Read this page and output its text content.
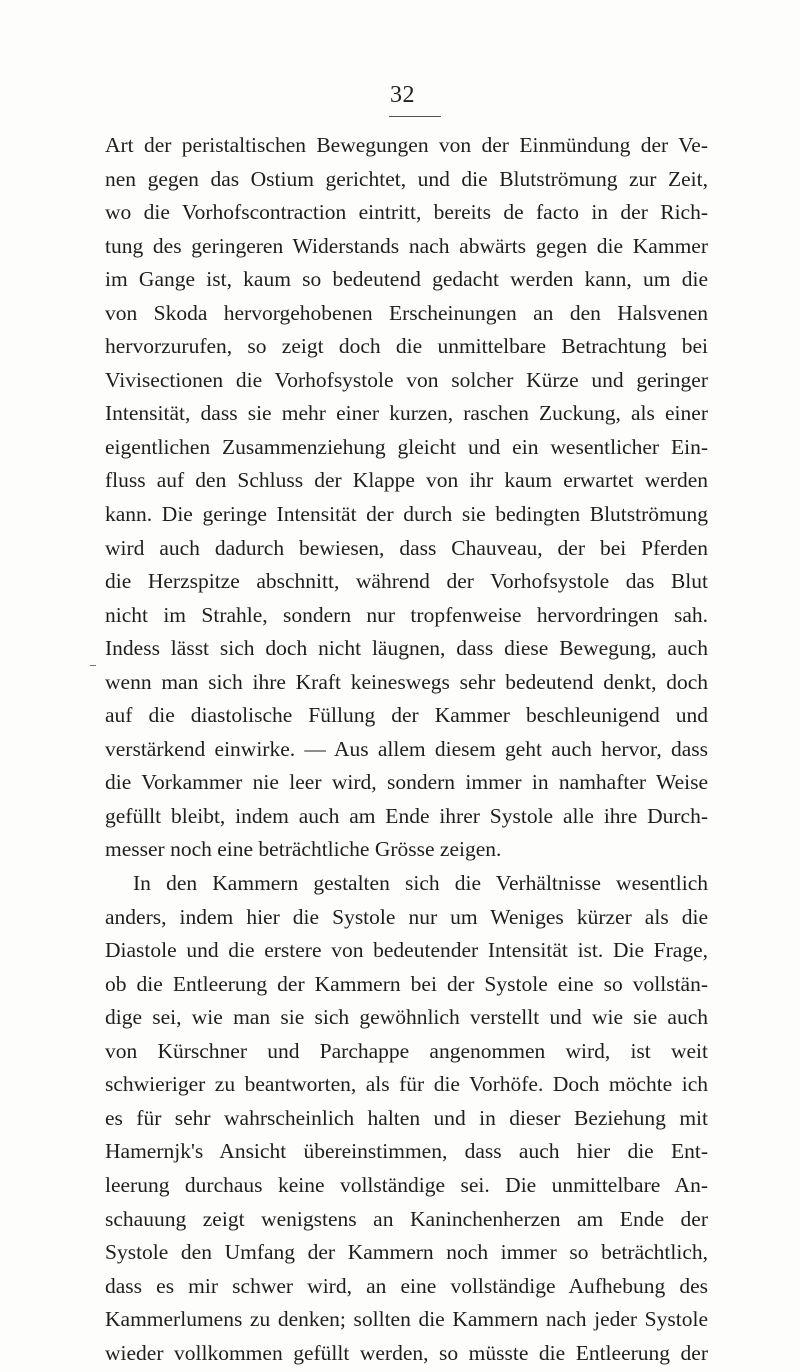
32
Art der peristaltischen Bewegungen von der Einmündung der Ve-
nen gegen das Ostium gerichtet, und die Blutströmung zur Zeit,
wo die Vorhofscontraction eintritt, bereits de facto in der Rich-
tung des geringeren Widerstands nach abwärts gegen die Kammer
im Gange ist, kaum so bedeutend gedacht werden kann, um die
von Skoda hervorgehobenen Erscheinungen an den Halsvenen
hervorzurufen, so zeigt doch die unmittelbare Betrachtung bei
Vivisectionen die Vorhofsystole von solcher Kürze und geringer
Intensität, dass sie mehr einer kurzen, raschen Zuckung, als einer
eigentlichen Zusammenziehung gleicht und ein wesentlicher Ein-
fluss auf den Schluss der Klappe von ihr kaum erwartet werden
kann. Die geringe Intensität der durch sie bedingten Blutströmung
wird auch dadurch bewiesen, dass Chauveau, der bei Pferden
die Herzspitze abschnitt, während der Vorhofsystole das Blut
nicht im Strahle, sondern nur tropfenweise hervordringen sah.
Indess lässt sich doch nicht läugnen, dass diese Bewegung, auch
wenn man sich ihre Kraft keineswegs sehr bedeutend denkt, doch
auf die diastolische Füllung der Kammer beschleunigend und
verstärkend einwirke. — Aus allem diesem geht auch hervor, dass
die Vorkammer nie leer wird, sondern immer in namhafter Weise
gefüllt bleibt, indem auch am Ende ihrer Systole alle ihre Durch-
messer noch eine beträchtliche Grösse zeigen.
In den Kammern gestalten sich die Verhältnisse wesentlich
anders, indem hier die Systole nur um Weniges kürzer als die
Diastole und die erstere von bedeutender Intensität ist. Die Frage,
ob die Entleerung der Kammern bei der Systole eine so vollstän-
dige sei, wie man sie sich gewöhnlich verstellt und wie sie auch
von Kürschner und Parchappe angenommen wird, ist weit
schwieriger zu beantworten, als für die Vorhöfe. Doch möchte ich
es für sehr wahrscheinlich halten und in dieser Beziehung mit
Hamernjk's Ansicht übereinstimmen, dass auch hier die Ent-
leerung durchaus keine vollständige sei. Die unmittelbare An-
schauung zeigt wenigstens an Kaninchenherzen am Ende der
Systole den Umfang der Kammern noch immer so beträchtlich,
dass es mir schwer wird, an eine vollständige Aufhebung des
Kammerlumens zu denken; sollten die Kammern nach jeder Systole
wieder vollkommen gefüllt werden, so müsste die Entleerung der
